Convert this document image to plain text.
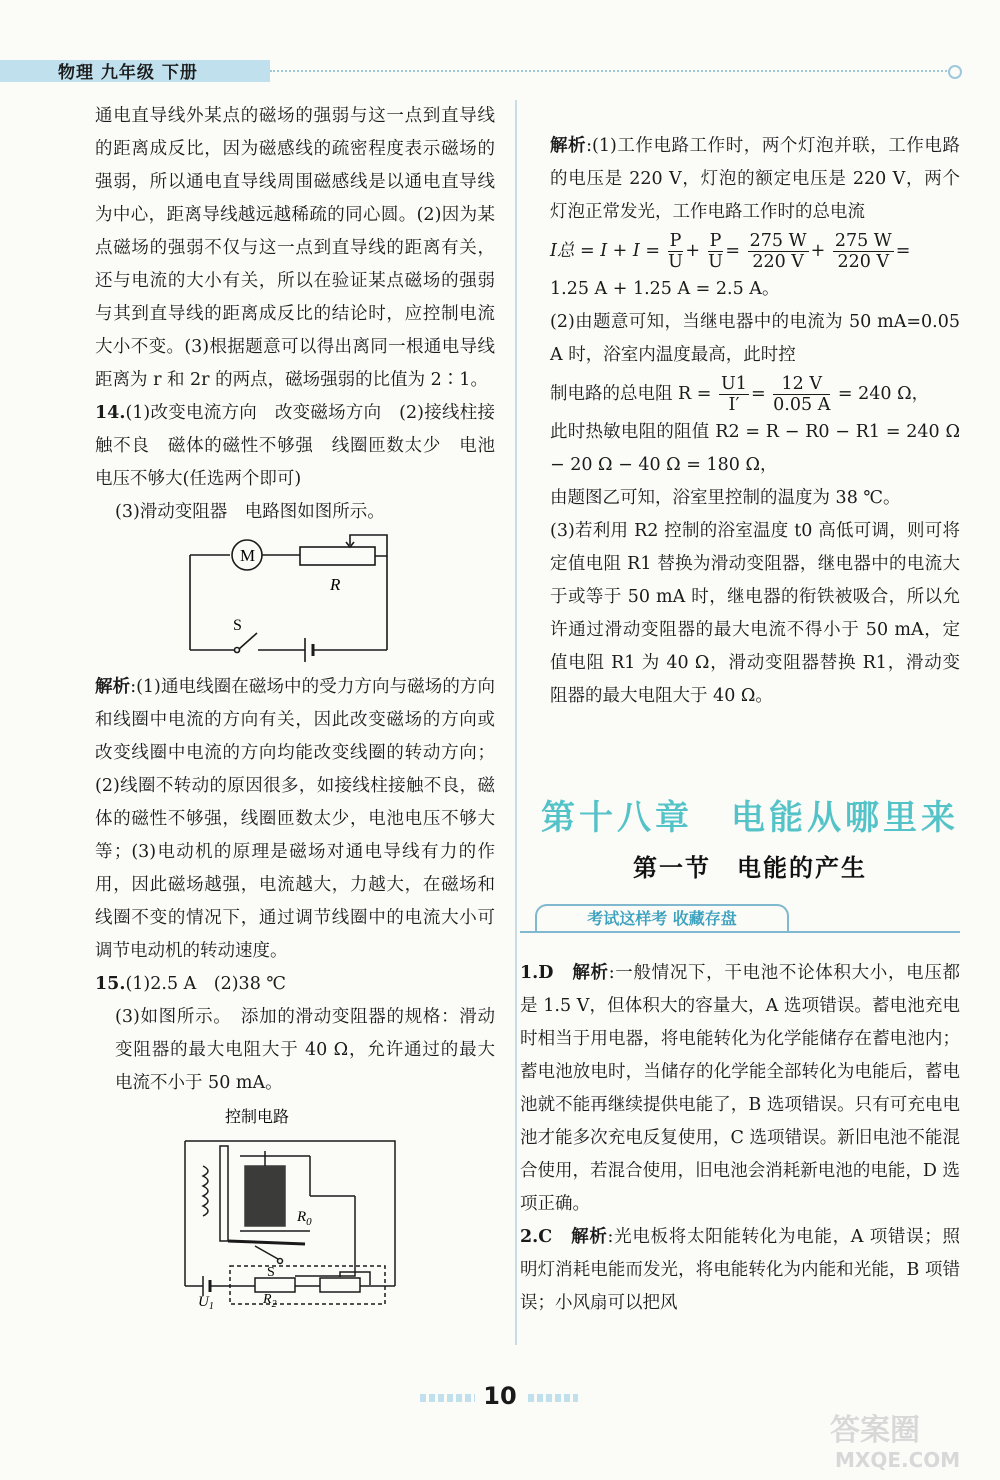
物理 九年级 下册

通电直导线外某点的磁场的强弱与这一点到直导线的距离成反比，因为磁感线的疏密程度表示磁场的强弱，所以通电直导线周围磁感线是以通电直导线为中心，距离导线越远越稀疏的同心圆。(2)因为某点磁场的强弱不仅与这一点到直导线的距离有关，还与电流的大小有关，所以在验证某点磁场的强弱与其到直导线的距离成反比的结论时，应控制电流大小不变。(3)根据题意可以得出离同一根通电导线距离为 r 和 2r 的两点，磁场强弱的比值为 2∶1。

14.(1)改变电流方向　改变磁场方向　(2)接线柱接触不良　磁体的磁性不够强　线圈匝数太少　电池电压不够大(任选两个即可)

(3)滑动变阻器　电路图如图所示。

M
R
S

解析:(1)通电线圈在磁场中的受力方向与磁场的方向和线圈中电流的方向有关，因此改变磁场的方向或改变线圈中电流的方向均能改变线圈的转动方向；(2)线圈不转动的原因很多，如接线柱接触不良，磁体的磁性不够强，线圈匝数太少，电池电压不够大等；(3)电动机的原理是磁场对通电导线有力的作用，因此磁场越强，电流越大，力越大，在磁场和线圈不变的情况下，通过调节线圈中的电流大小可调节电动机的转动速度。

15.(1)2.5 A　(2)38 ℃

(3)如图所示。　添加的滑动变阻器的规格：滑动变阻器的最大电阻大于 40 Ω，允许通过的最大电流不小于 50 mA。

控制电路
$R_0$
S
$R_2$
$U_1$

解析:(1)工作电路工作时，两个灯泡并联，工作电路的电压是 220 V，灯泡的额定电压是 220 V，两个灯泡正常发光，工作电路工作时的总电流

I总 = $I + I = \frac{P}{U} + \frac{P}{U} = \frac{275 W}{220 V} + \frac{275 W}{220 V}$ =

1.25 A + 1.25 A = 2.5 A。

(2)由题意可知，当继电器中的电流为 50 mA=0.05 A 时，浴室内温度最高，此时控

制电路的总电阻 $R = \frac{U1}{I'} = \frac{12 V}{0.05 A} = 240$ Ω，

此时热敏电阻的阻值 R2 = R − R0 − R1 = 240 Ω − 20 Ω − 40 Ω = 180 Ω，

由题图乙可知，浴室里控制的温度为 38 ℃。

(3)若利用 R2 控制的浴室温度 t0 高低可调，则可将定值电阻 R1 替换为滑动变阻器，继电器中的电流大于或等于 50 mA 时，继电器的衔铁被吸合，所以允许通过滑动变阻器的最大电流不得小于 50 mA，定值电阻 R1 为 40 Ω，滑动变阻器替换 R1，滑动变阻器的最大电阻大于 40 Ω。

第十八章　电能从哪里来
第一节　电能的产生
考试这样考 收藏存盘

1.D　 解析:一般情况下，干电池不论体积大小，电压都是 1.5 V，但体积大的容量大，A 选项错误。蓄电池充电时相当于用电器，将电能转化为化学能储存在蓄电池内；蓄电池放电时，当储存的化学能全部转化为电能后，蓄电池就不能再继续提供电能了，B 选项错误。只有可充电电池才能多次充电反复使用，C 选项错误。新旧电池不能混合使用，若混合使用，旧电池会消耗新电池的电能，D 选项正确。

2.C　 解析:光电板将太阳能转化为电能，A 项错误；照明灯消耗电能而发光，将电能转化为内能和光能，B 项错误；小风扇可以把风

10
答案圈
MXQE.COM
